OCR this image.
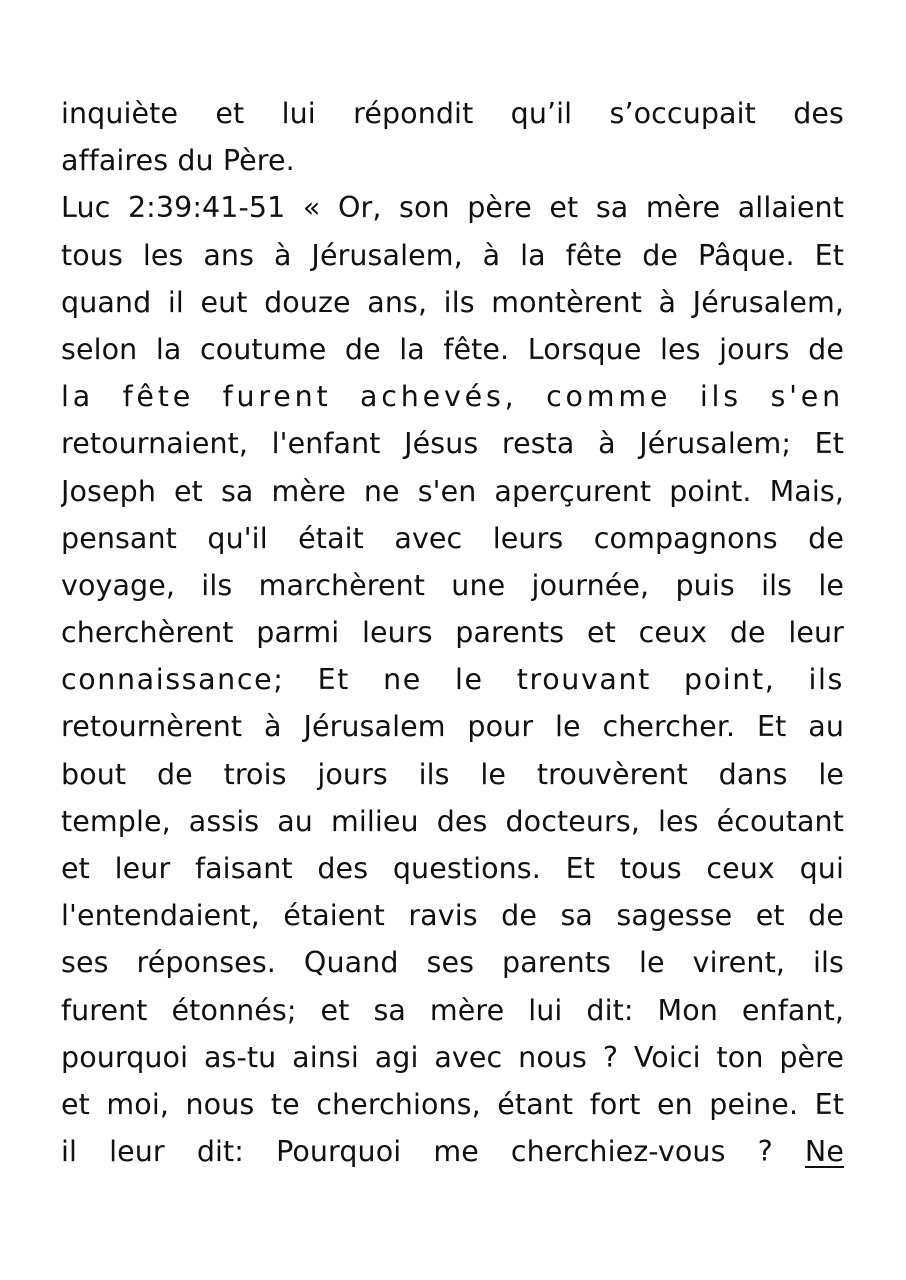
inquiète et lui répondit qu’il s’occupait des
affaires du Père.
Luc 2:39:41-51 « Or, son père et sa mère allaient
tous les ans à Jérusalem, à la fête de Pâque. Et
quand il eut douze ans, ils montèrent à Jérusalem,
selon la coutume de la fête. Lorsque les jours de
la fête furent achevés, comme ils s'en
retournaient, l'enfant Jésus resta à Jérusalem; Et
Joseph et sa mère ne s'en aperçurent point. Mais,
pensant qu'il était avec leurs compagnons de
voyage, ils marchèrent une journée, puis ils le
cherchèrent parmi leurs parents et ceux de leur
connaissance; Et ne le trouvant point, ils
retournèrent à Jérusalem pour le chercher. Et au
bout de trois jours ils le trouvèrent dans le
temple, assis au milieu des docteurs, les écoutant
et leur faisant des questions. Et tous ceux qui
l'entendaient, étaient ravis de sa sagesse et de
ses réponses. Quand ses parents le virent, ils
furent étonnés; et sa mère lui dit: Mon enfant,
pourquoi as-tu ainsi agi avec nous ? Voici ton père
et moi, nous te cherchions, étant fort en peine. Et
il leur dit: Pourquoi me cherchiez-vous ? Ne
